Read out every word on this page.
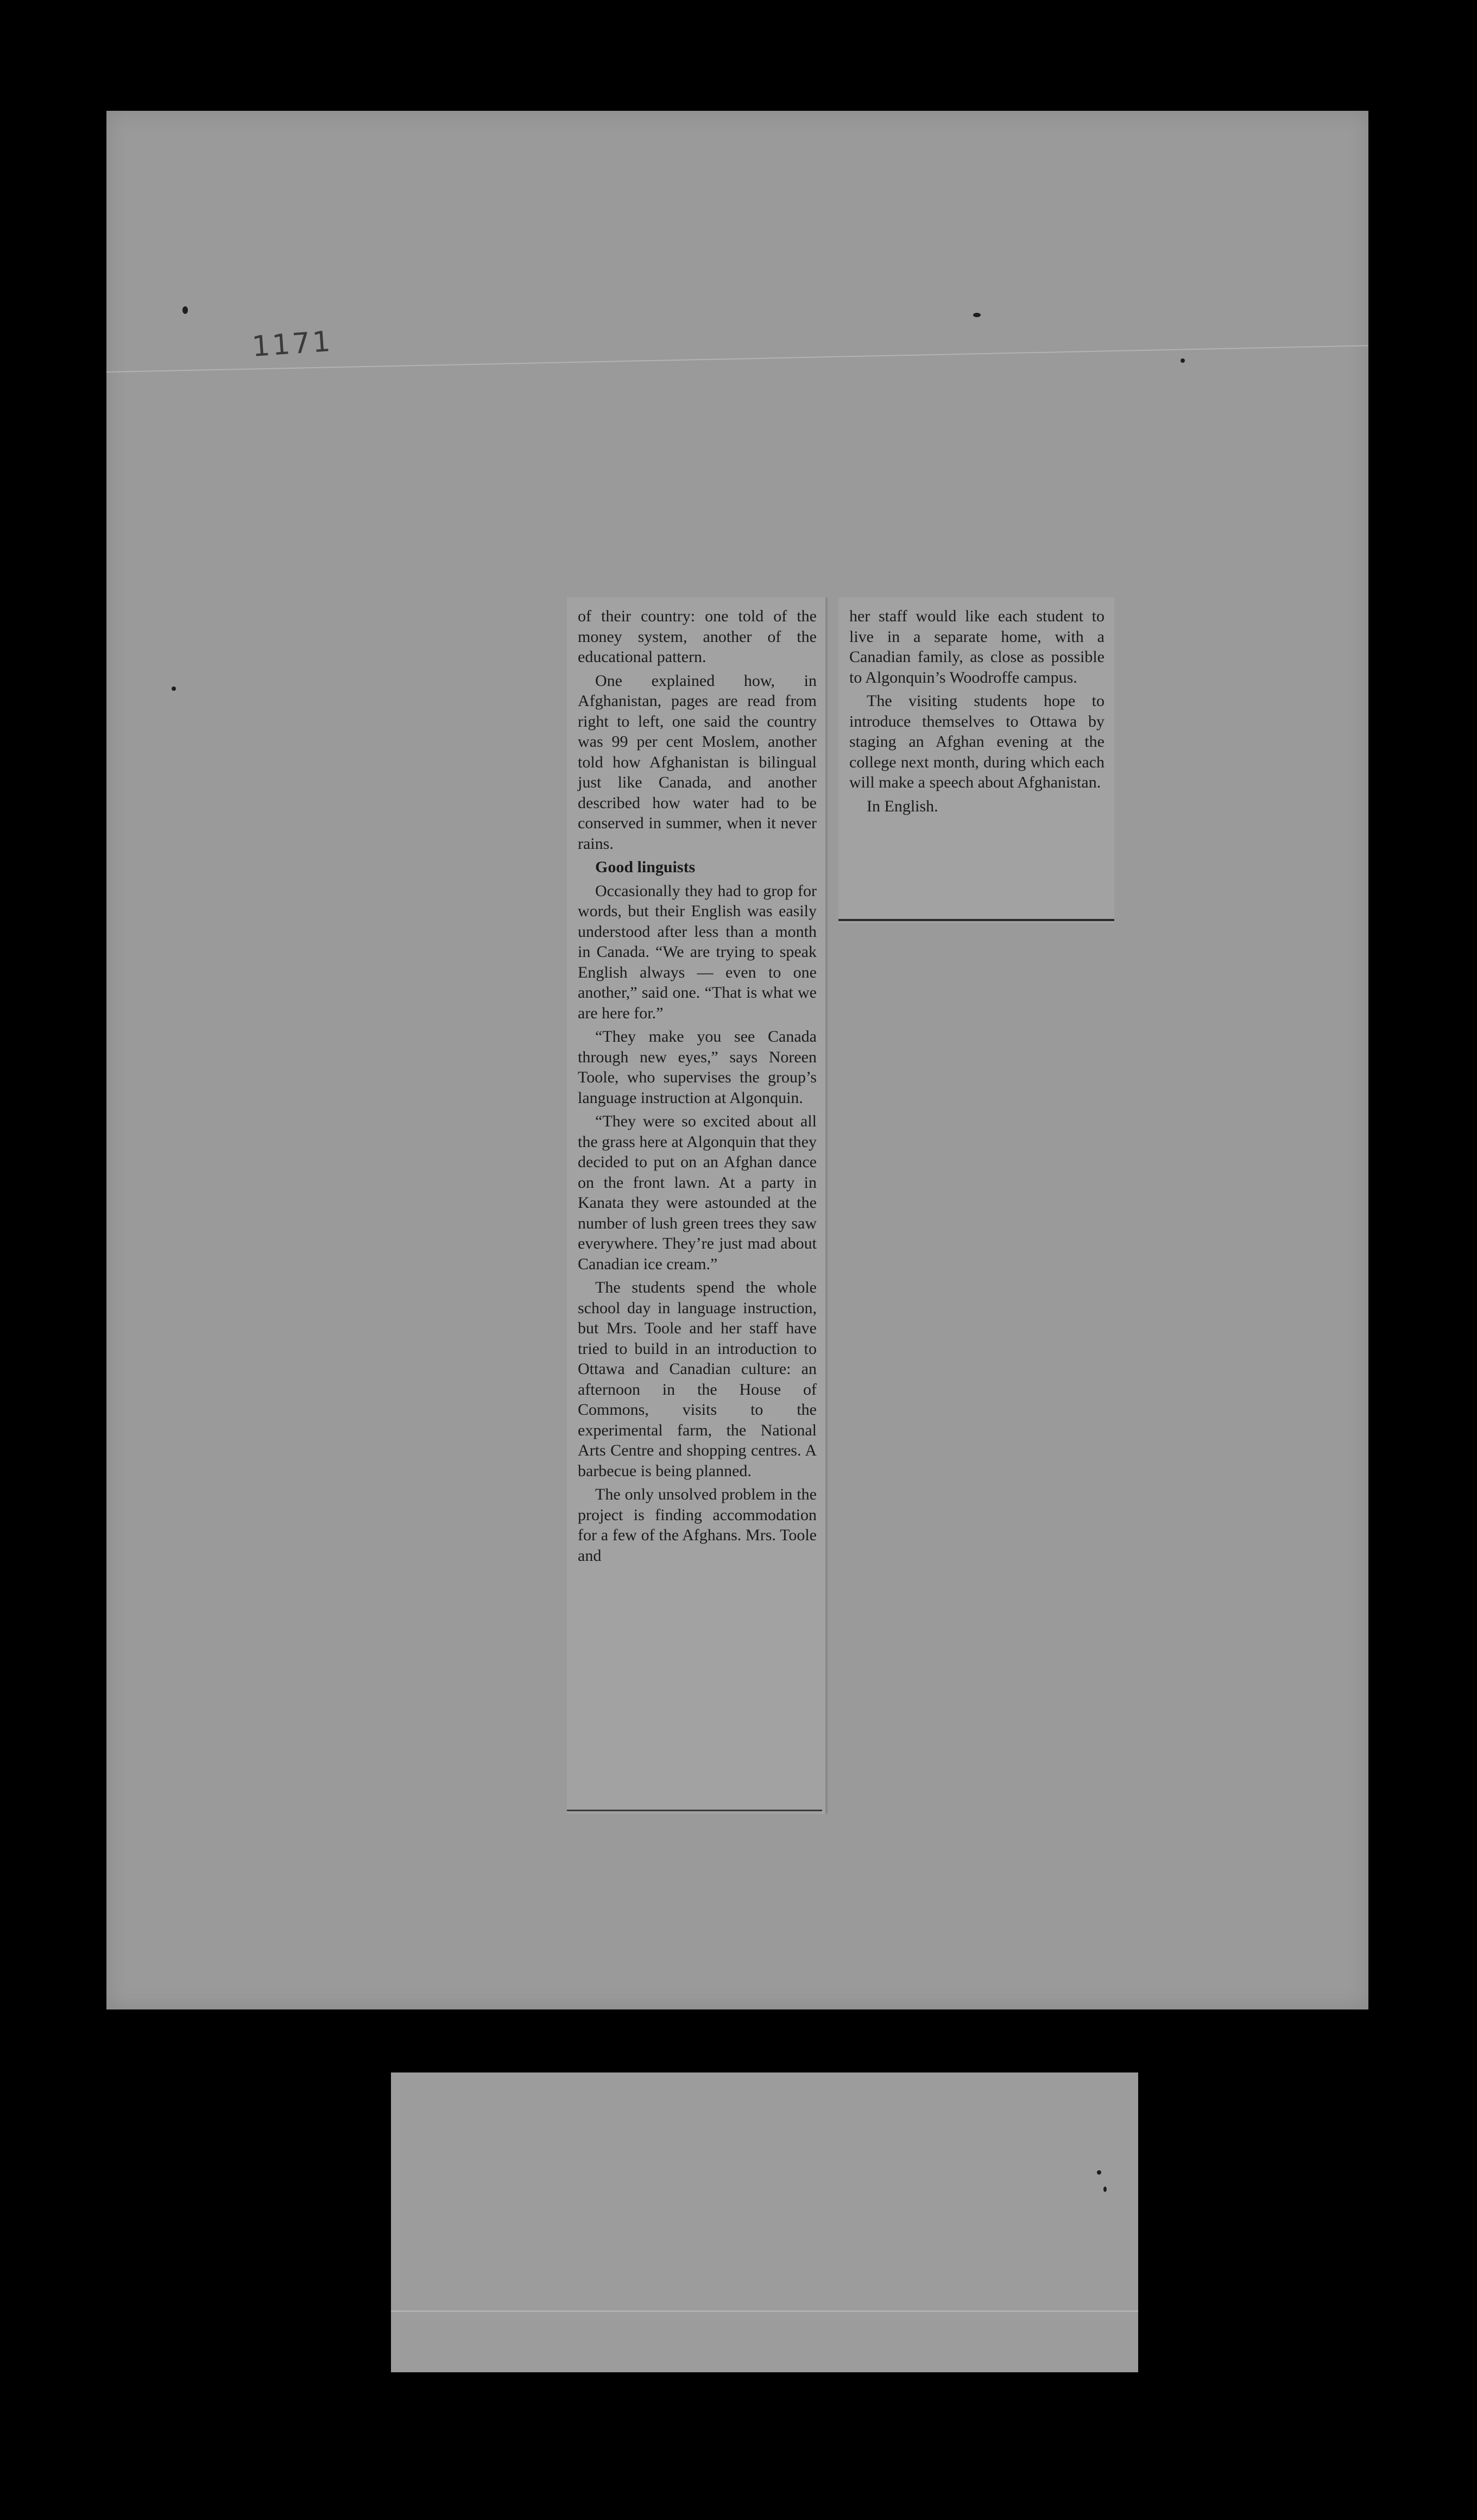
1171

of their country: one told of the money system, another of the educational pattern.

One explained how, in Afghanistan, pages are read from right to left, one said the country was 99 per cent Moslem, another told how Afghanistan is bilingual just like Canada, and another described how water had to be conserved in summer, when it never rains.

Good linguists

Occasionally they had to grop for words, but their English was easily understood after less than a month in Canada. “We are trying to speak English always — even to one another,” said one. “That is what we are here for.”

“They make you see Canada through new eyes,” says Noreen Toole, who supervises the group’s language instruction at Algonquin.

“They were so excited about all the grass here at Algonquin that they decided to put on an Afghan dance on the front lawn. At a party in Kanata they were astounded at the number of lush green trees they saw everywhere. They’re just mad about Canadian ice cream.”

The students spend the whole school day in language instruction, but Mrs. Toole and her staff have tried to build in an introduction to Ottawa and Canadian culture: an afternoon in the House of Commons, visits to the experimental farm, the National Arts Centre and shopping centres. A barbecue is being planned.

The only unsolved problem in the project is finding accommodation for a few of the Afghans. Mrs. Toole and

her staff would like each student to live in a separate home, with a Canadian family, as close as possible to Algonquin’s Woodroffe campus.

The visiting students hope to introduce themselves to Ottawa by staging an Afghan evening at the college next month, during which each will make a speech about Afghanistan.

In English.
